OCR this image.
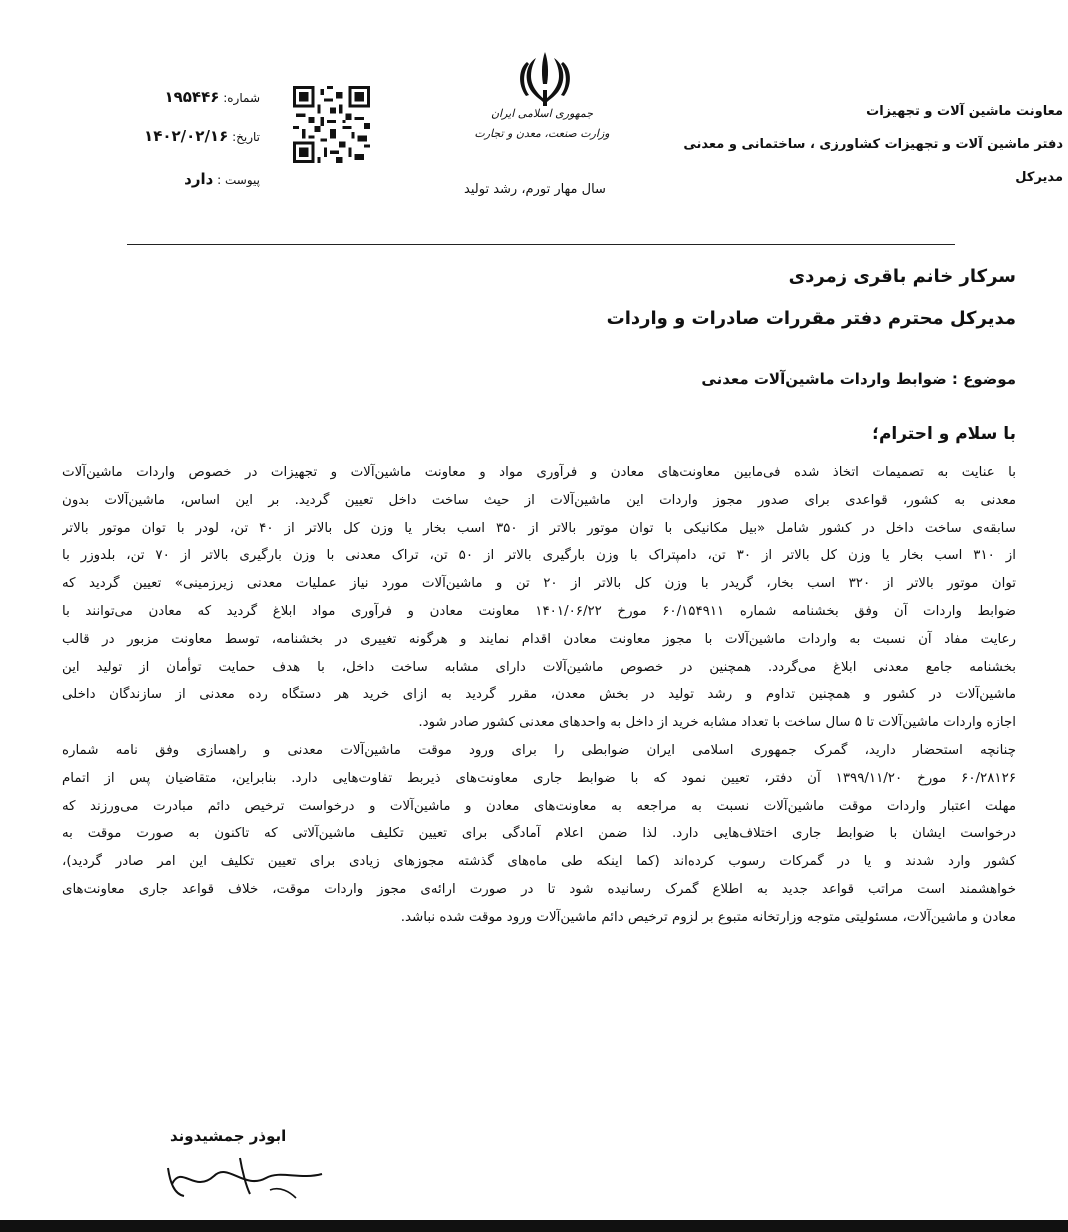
معاونت ماشین آلات و تجهیزات
دفتر ماشین آلات و تجهیزات کشاورزی ، ساختمانی و معدنی
مدیرکل
جمهوری اسلامی ایران
وزارت صنعت، معدن و تجارت
سال مهار تورم، رشد تولید
شماره: ۱۹۵۴۴۶
تاریخ: ۱۴۰۲/۰۲/۱۶
پیوست : دارد
سرکار خانم باقری زمردی
مدیرکل محترم دفتر مقررات صادرات و واردات
موضوع : ضوابط واردات ماشین‌آلات معدنی
با سلام و احترام؛
با عنایت به تصمیمات اتخاذ شده فی‌مابین معاونت‌های معادن و فرآوری مواد و معاونت ماشین‌آلات و تجهیزات در خصوص واردات ماشین‌آلات
معدنی به کشور، قواعدی برای صدور مجوز واردات این ماشین‌آلات از حیث ساخت داخل تعیین گردید. بر این اساس، ماشین‌آلات بدون
سابقه‌ی ساخت داخل در کشور شامل «بیل مکانیکی با توان موتور بالاتر از ۳۵۰ اسب بخار یا وزن کل بالاتر از ۴۰ تن، لودر با توان موتور بالاتر
از ۳۱۰ اسب بخار یا وزن کل بالاتر از ۳۰ تن، دامپتراک با وزن بارگیری بالاتر از ۵۰ تن، تراک معدنی با وزن بارگیری بالاتر از ۷۰ تن، بلدوزر با
توان موتور بالاتر از ۳۲۰ اسب بخار، گریدر با وزن کل بالاتر از ۲۰ تن و ماشین‌آلات مورد نیاز عملیات معدنی زیرزمینی» تعیین گردید که
ضوابط واردات آن وفق بخشنامه شماره ۶۰/۱۵۴۹۱۱ مورخ ۱۴۰۱/۰۶/۲۲ معاونت معادن و فرآوری مواد ابلاغ گردید که معادن می‌توانند با
رعایت مفاد آن نسبت به واردات ماشین‌آلات با مجوز معاونت معادن اقدام نمایند و هرگونه تغییری در بخشنامه، توسط معاونت مزبور در قالب
بخشنامه جامع معدنی ابلاغ می‌گردد. همچنین در خصوص ماشین‌آلات دارای مشابه ساخت داخل، با هدف حمایت توأمان از تولید این
ماشین‌آلات در کشور و همچنین تداوم و رشد تولید در بخش معدن، مقرر گردید به ازای خرید هر دستگاه رده معدنی از سازندگان داخلی
اجازه واردات ماشین‌آلات تا ۵ سال ساخت با تعداد مشابه خرید از داخل به واحدهای معدنی کشور صادر شود.
چنانچه استحضار دارید، گمرک جمهوری اسلامی ایران ضوابطی را برای ورود موقت ماشین‌آلات معدنی و راهسازی وفق نامه شماره
۶۰/۲۸۱۲۶ مورخ ۱۳۹۹/۱۱/۲۰ آن دفتر، تعیین نمود که با ضوابط جاری معاونت‌های ذیربط تفاوت‌هایی دارد. بنابراین، متقاضیان پس از اتمام
مهلت اعتبار واردات موقت ماشین‌آلات نسبت به مراجعه به معاونت‌های معادن و ماشین‌آلات و درخواست ترخیص دائم مبادرت می‌ورزند که
درخواست ایشان با ضوابط جاری اختلاف‌هایی دارد. لذا ضمن اعلام آمادگی برای تعیین تکلیف ماشین‌آلاتی که تاکنون به صورت موقت به
کشور وارد شدند و یا در گمرکات رسوب کرده‌اند (کما اینکه طی ماه‌های گذشته مجوزهای زیادی برای تعیین تکلیف این امر صادر گردید)،
خواهشمند است مراتب قواعد جدید به اطلاع گمرک رسانیده شود تا در صورت ارائه‌ی مجوز واردات موقت، خلاف قواعد جاری معاونت‌های
معادن و ماشین‌آلات، مسئولیتی متوجه وزارتخانه متبوع بر لزوم ترخیص دائم ماشین‌آلات ورود موقت شده نباشد.
ابوذر جمشیدوند
